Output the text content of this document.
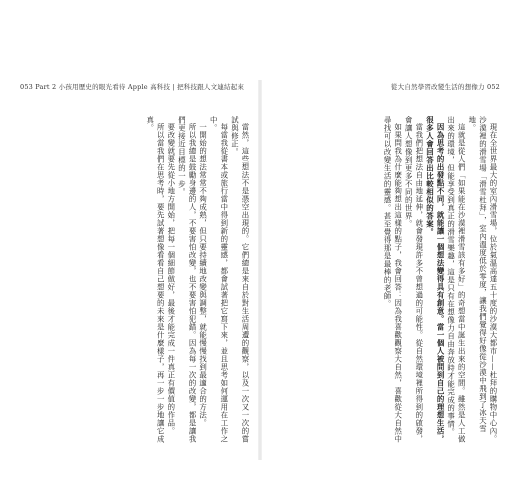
053 Part 2 小孩用歷史的眼光看待 Apple 高科技 | 把科技跟人文連結起來	從大自然學習改變生活的想像力 052

現在全世界最大的室內滑雪場，位於氣溫高達五十度的沙漠大都市——杜拜的購物中心內。沙漠裡的滑雪場「滑雪杜拜」，室內溫度低於零度，讓我們覺得好像從沙漠中飛到了冰天雪地。

這就是從人們「如果能在沙漠裡滑雪該有多好」的奇想當中誕生出來的空間。雖然是人工做出來的環境，但能享受到真正的滑雪樂趣，這是只有在想像力自由奔放時才能完成的事情。

因為思考的出發點不同，就能讓一個想法變得具有創意。當一個人被問到自己的理想生活，很多人會回答出比較相似的答案。

當我們把想法自由地延伸，就會發現許多不曾想過的可能性。從自然環境裡所得到的啟發，會讓人想像到更多不同的世界。

如果問我為什麼能夠想出這樣的點子，我會回答：因為我喜歡觀察大自然，喜歡從大自然中尋找可以改變生活的靈感。甚至覺得那是最棒的老師。

當然，這些想法不是憑空出現的。它們總是來自於對生活周遭的觀察，以及一次又一次的嘗試與修正。

每當我從書本或旅行當中得到新的靈感，都會試著把它寫下來，並且思考如何運用在工作之中。

一開始的想法常常不夠成熟，但只要持續地改變與調整，就能慢慢找到最適合的方法。

所以我總是鼓勵身邊的人，不要害怕改變，也不要害怕犯錯。因為每一次的改變，都是讓我們更接近目標的一步。

要改變就要先從小地方開始，把每一個細節做好，最後才能完成一件真正有價值的作品。

所以當我們在思考時，要先試著想像看看自己想要的未來是什麼樣子，再一步一步地讓它成真。
